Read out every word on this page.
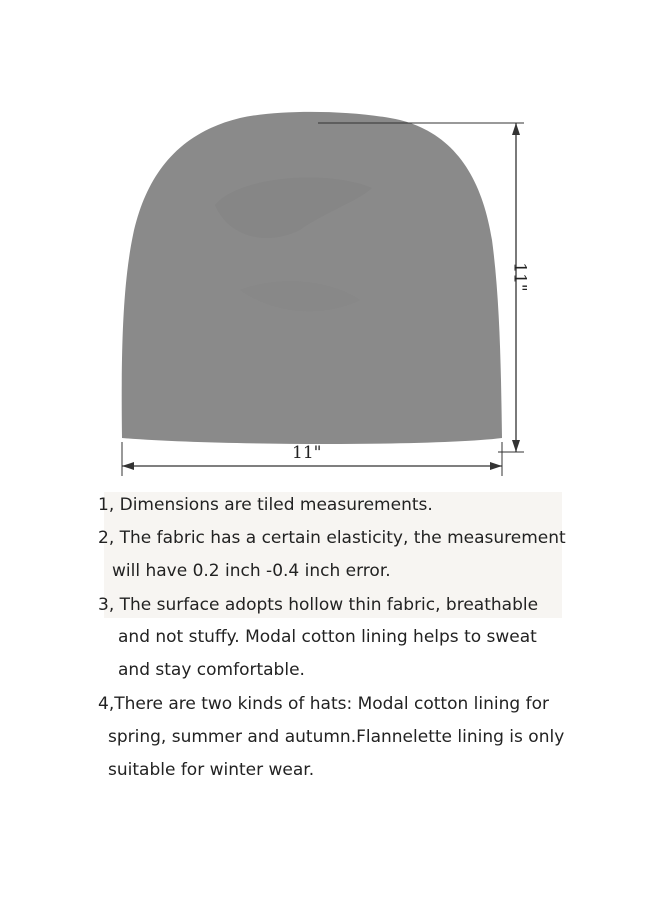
11"
11"
1, Dimensions are tiled measurements.
2, The fabric has a certain elasticity, the measurement
will have 0.2 inch -0.4 inch error.
3, The surface adopts hollow thin fabric, breathable
and not stuffy. Modal cotton lining helps to sweat
and stay comfortable.
4,There are two kinds of hats: Modal cotton lining for
spring, summer and autumn.Flannelette lining is only
suitable for winter wear.
